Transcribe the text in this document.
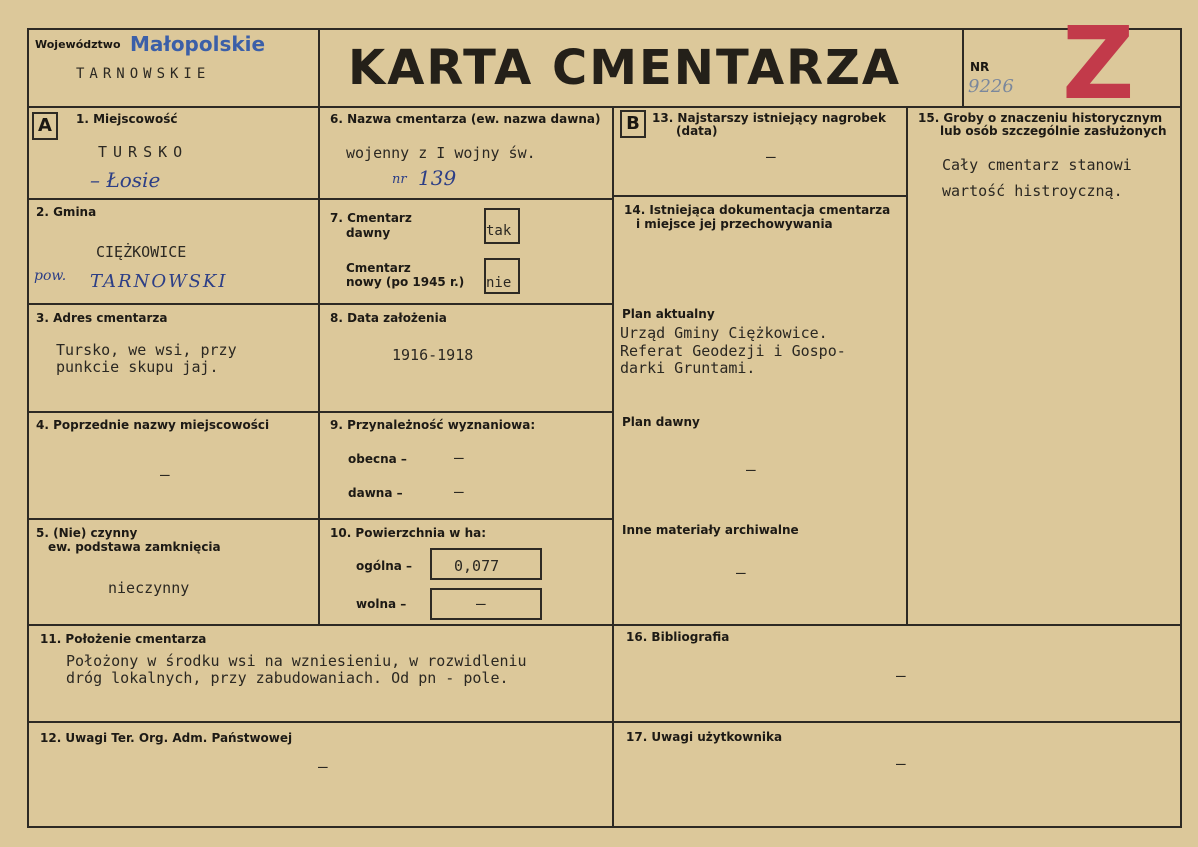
Województwo Małopolskie
TARNOWSKIE	KARTA CMENTARZA	NR
9226 Z
A	B
1. Miejscowość
TURSKO
– Łosie
2. Gmina
CIĘŻKOWICE
pow. TARNOWSKI
3. Adres cmentarza
Tursko, we wsi, przy
punkcie skupu jaj.
4. Poprzednie nazwy miejscowości
–
5. (Nie) czynny
ew. podstawa zamknięcia
nieczynny
6. Nazwa cmentarza (ew. nazwa dawna)
wojenny z I wojny św.
nr 139
7. Cmentarz
dawny	tak
Cmentarz
nowy (po 1945 r.) nie
8. Data założenia
1916-1918
9. Przynależność wyznaniowa:
obecna –	–
dawna –	–
10. Powierzchnia w ha:
ogólna –	0,077
wolna –	–
11. Położenie cmentarza
Położony w środku wsi na wzniesieniu, w rozwidleniu
dróg lokalnych, przy zabudowaniach. Od pn - pole.
12. Uwagi Ter. Org. Adm. Państwowej
–
13. Najstarszy istniejący nagrobek
(data)
–
14. Istniejąca dokumentacja cmentarza
i miejsce jej przechowywania
Plan aktualny
Urząd Gminy Ciężkowice.
Referat Geodezji i Gospo-
darki Gruntami.
Plan dawny
–
Inne materiały archiwalne
–
15. Groby o znaczeniu historycznym
lub osób szczególnie zasłużonych
Cały cmentarz stanowi
wartość histroyczną.
16. Bibliografia
–
17. Uwagi użytkownika
–
